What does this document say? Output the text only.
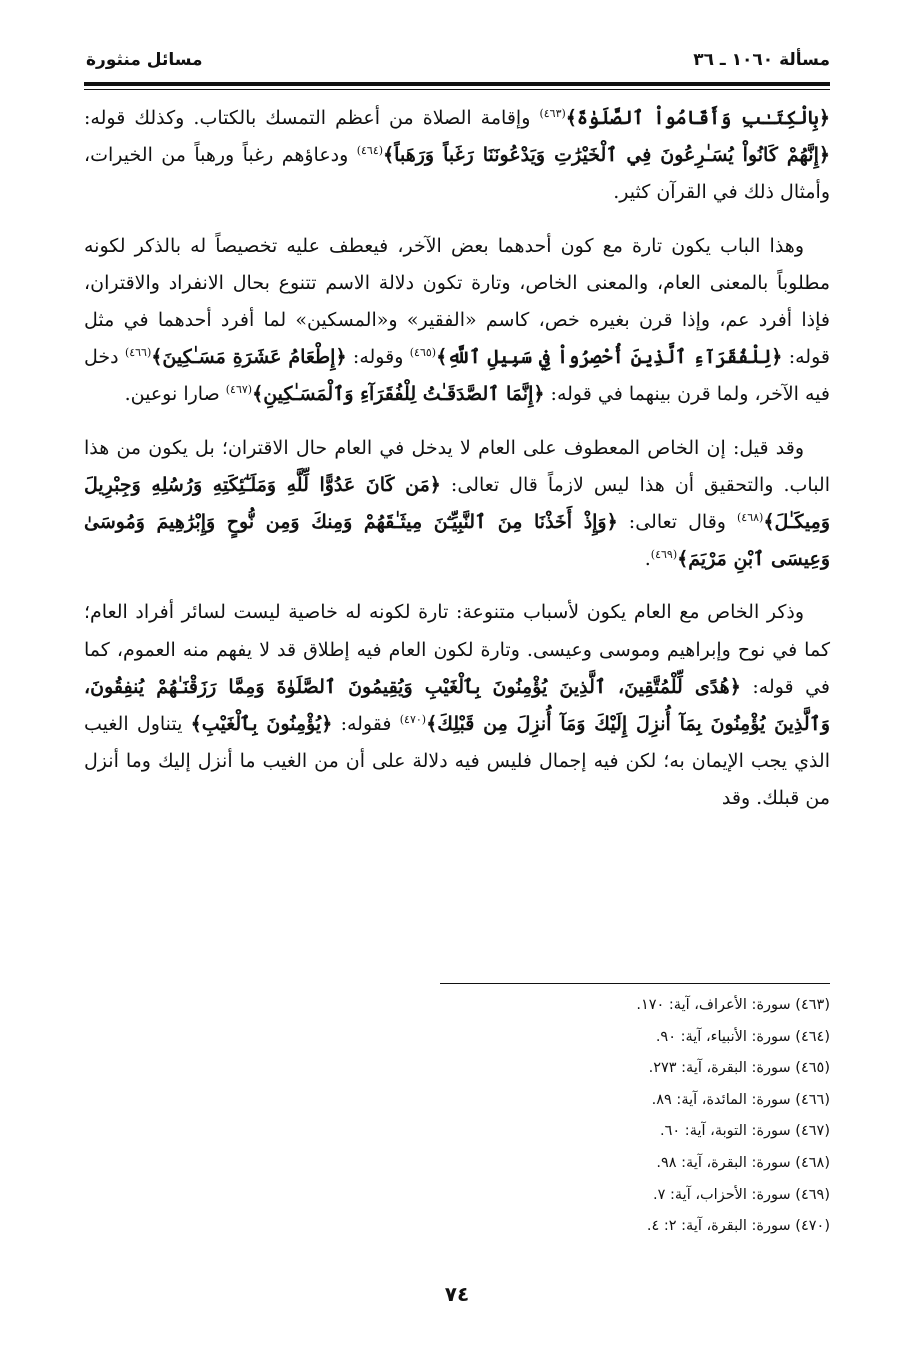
مسائل منثورة	مسألة ١٠٦٠ ـ ٣٦

﴿بِالْكِتَـٰبِ وَأَقَامُواْ ٱلصَّلَوٰةَ﴾$^{(٤٦٣)}$ وإقامة الصلاة من أعظم التمسك بالكتاب. وكذلك قوله: ﴿إِنَّهُمْ كَانُواْ يُسَـٰرِعُونَ فِي ٱلْخَيْرَٰتِ وَيَدْعُونَنَا رَغَباً وَرَهَباً﴾$^{(٤٦٤)}$ ودعاؤهم رغباً ورهباً من الخيرات، وأمثال ذلك في القرآن كثير.

وهذا الباب يكون تارة مع كون أحدهما بعض الآخر، فيعطف عليه تخصيصاً له بالذكر لكونه مطلوباً بالمعنى العام، والمعنى الخاص، وتارة تكون دلالة الاسم تتنوع بحال الانفراد والاقتران، فإذا أفرد عم، وإذا قرن بغيره خص، كاسم «الفقير» و«المسكين» لما أفرد أحدهما في مثل قوله: ﴿لِلْفُقَرَآءِ ٱلَّذِينَ أُحْصِرُواْ فِي سَبِيلِ ٱللَّهِ﴾$^{(٤٦٥)}$ وقوله: ﴿إِطْعَامُ عَشَرَةِ مَسَـٰكِينَ﴾$^{(٤٦٦)}$ دخل فيه الآخر، ولما قرن بينهما في قوله: ﴿إِنَّمَا ٱلصَّدَقَـٰتُ لِلْفُقَرَآءِ وَٱلْمَسَـٰكِينِ﴾$^{(٤٦٧)}$ صارا نوعين.

وقد قيل: إن الخاص المعطوف على العام لا يدخل في العام حال الاقتران؛ بل يكون من هذا الباب. والتحقيق أن هذا ليس لازماً قال تعالى: ﴿مَن كَانَ عَدُوًّا لِّلَّهِ وَمَلَـٰٓئِكَتِهِ وَرُسُلِهِ وَجِبْرِيلَ وَمِيكَـٰلَ﴾$^{(٤٦٨)}$ وقال تعالى: ﴿وَإِذْ أَخَذْنَا مِنَ ٱلنَّبِيِّـۧنَ مِيثَـٰقَهُمْ وَمِنكَ وَمِن نُّوحٍ وَإِبْرَٰهِيمَ وَمُوسَىٰ وَعِيسَى ٱبْنِ مَرْيَمَ﴾$^{(٤٦٩)}$.

وذكر الخاص مع العام يكون لأسباب متنوعة: تارة لكونه له خاصية ليست لسائر أفراد العام؛ كما في نوح وإبراهيم وموسى وعيسى. وتارة لكون العام فيه إطلاق قد لا يفهم منه العموم، كما في قوله: ﴿هُدًى لِّلْمُتَّقِينَ، ٱلَّذِينَ يُؤْمِنُونَ بِٱلْغَيْبِ وَيُقِيمُونَ ٱلصَّلَوٰةَ وَمِمَّا رَزَقْنَـٰهُمْ يُنفِقُونَ، وَٱلَّذِينَ يُؤْمِنُونَ بِمَآ أُنزِلَ إِلَيْكَ وَمَآ أُنزِلَ مِن قَبْلِكَ﴾$^{(٤٧٠)}$ فقوله: ﴿يُؤْمِنُونَ بِٱلْغَيْبِ﴾ يتناول الغيب الذي يجب الإيمان به؛ لكن فيه إجمال فليس فيه دلالة على أن من الغيب ما أنزل إليك وما أنزل من قبلك. وقد

(٤٦٣) سورة: الأعراف، آية: ١٧٠.

(٤٦٤) سورة: الأنبياء، آية: ٩٠.

(٤٦٥) سورة: البقرة، آية: ٢٧٣.

(٤٦٦) سورة: المائدة، آية: ٨٩.

(٤٦٧) سورة: التوبة، آية: ٦٠.

(٤٦٨) سورة: البقرة، آية: ٩٨.

(٤٦٩) سورة: الأحزاب، آية: ٧.

(٤٧٠) سورة: البقرة، آية: ٢: ٤.

٧٤
